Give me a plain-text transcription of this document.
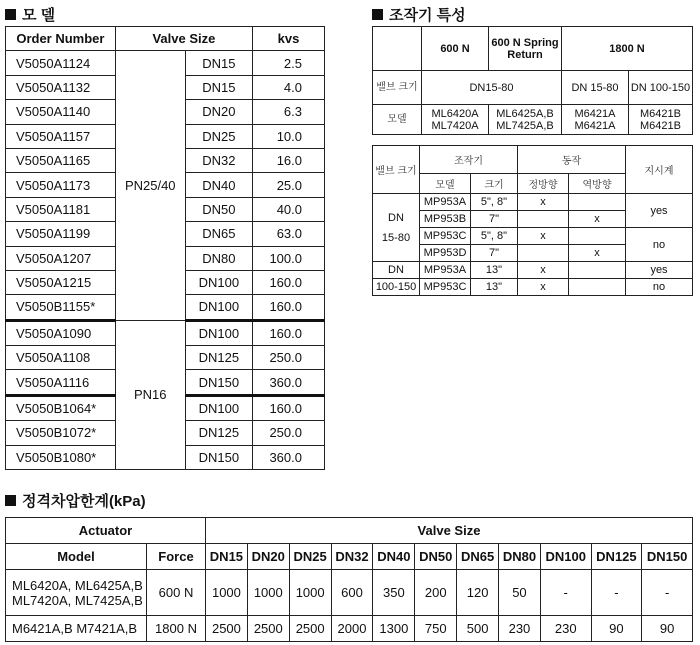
모 델	조작기 특성
정격차압한계(kPa)
Order Number	Valve Size		kvs
V5050A1124	PN25/40	DN15	2.5
V5050A1132		DN15	4.0
V5050A1140		DN20	6.3
V5050A1157		DN25	10.0
V5050A1165		DN32	16.0
V5050A1173		DN40	25.0
V5050A1181		DN50	40.0
V5050A1199		DN65	63.0
V5050A1207		DN80	100.0
V5050A1215		DN100	160.0
V5050B1155*		DN100	160.0
V5050A1090	PN16	DN100	160.0
V5050A1108		DN125	250.0
V5050A1116		DN150	360.0
V5050B1064*		DN100	160.0
V5050B1072*		DN125	250.0
V5050B1080*		DN150	360.0
	600 N	600 N Spring Return	1800 N	
밸브 크기	DN15-80		DN 15-80	DN 100-150
모델	ML6420A ML7420A	ML6425A,B ML7425A,B	M6421A M6421A	M6421B M6421B
밸브 크기	조작기		동작		지시계
	모델	크기	정방향	역방향	

DN
15-80	MP953A	5", 8"	x		yes
	MP953B	7"		x	
	MP953C	5", 8"	x		no
	MP953D	7"		x	
DN	MP953A	13"	x		yes
100-150	MP953C	13"	x		no
Actuator		Valve Size										
Model	Force	DN15	DN20	DN25	DN32	DN40	DN50	DN65	DN80	DN100	DN125	DN150
ML6420A, ML6425A,B ML7420A, ML7425A,B	600 N	1000	1000	1000	600	350	200	120	50	-	-	-
M6421A,B M7421A,B	1800 N	2500	2500	2500	2000	1300	750	500	230	230	90	90
